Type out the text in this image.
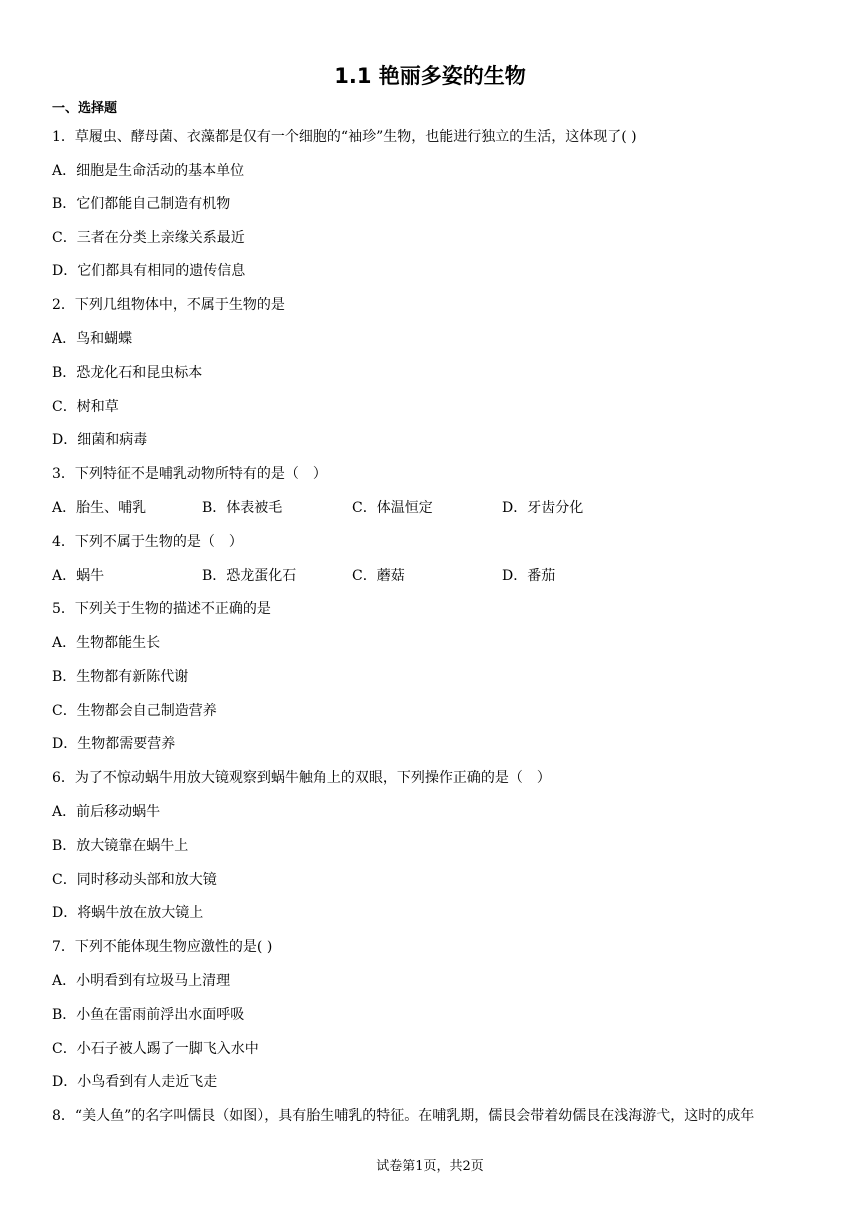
1.1 艳丽多姿的生物
一、选择题
1．草履虫、酵母菌、衣藻都是仅有一个细胞的“袖珍”生物，也能进行独立的生活，这体现了( )
A．细胞是生命活动的基本单位
B．它们都能自己制造有机物
C．三者在分类上亲缘关系最近
D．它们都具有相同的遗传信息
2．下列几组物体中，不属于生物的是
A．鸟和蝴蝶
B．恐龙化石和昆虫标本
C．树和草
D．细菌和病毒
3．下列特征不是哺乳动物所特有的是（　）
A．胎生、哺乳	B．体表被毛	C．体温恒定	D．牙齿分化
4．下列不属于生物的是（　）
A．蜗牛	B．恐龙蛋化石	C．蘑菇	D．番茄
5．下列关于生物的描述不正确的是
A．生物都能生长
B．生物都有新陈代谢
C．生物都会自己制造营养
D．生物都需要营养
6．为了不惊动蜗牛用放大镜观察到蜗牛触角上的双眼，下列操作正确的是（　）
A．前后移动蜗牛
B．放大镜靠在蜗牛上
C．同时移动头部和放大镜
D．将蜗牛放在放大镜上
7．下列不能体现生物应激性的是( )
A．小明看到有垃圾马上清理
B．小鱼在雷雨前浮出水面呼吸
C．小石子被人踢了一脚飞入水中
D．小鸟看到有人走近飞走
8．“美人鱼”的名字叫儒艮（如图），具有胎生哺乳的特征。在哺乳期，儒艮会带着幼儒艮在浅海游弋，这时的成年
试卷第1页，共2页
